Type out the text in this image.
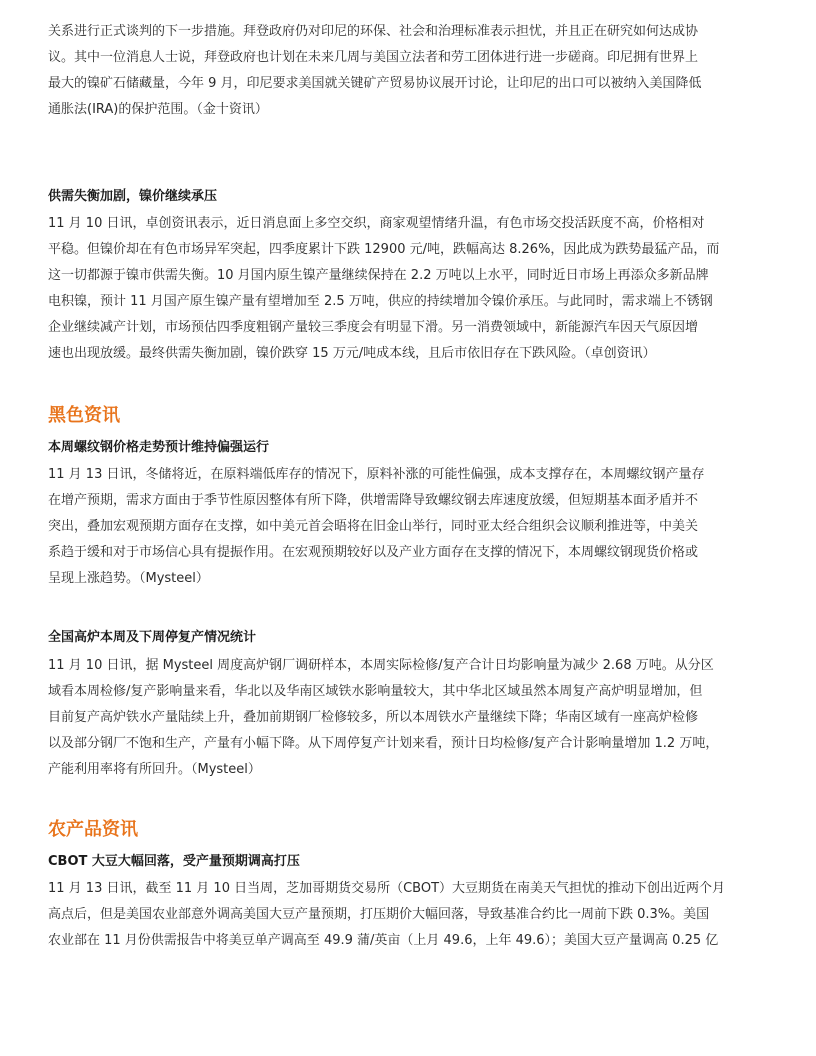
关系进行正式谈判的下一步措施。拜登政府仍对印尼的环保、社会和治理标准表示担忧，并且正在研究如何达成协
议。其中一位消息人士说，拜登政府也计划在未来几周与美国立法者和劳工团体进行进一步磋商。印尼拥有世界上
最大的镍矿石储藏量，今年 9 月，印尼要求美国就关键矿产贸易协议展开讨论，让印尼的出口可以被纳入美国降低
通胀法(IRA)的保护范围。（金十资讯）

供需失衡加剧，镍价继续承压

11 月 10 日讯，卓创资讯表示，近日消息面上多空交织，商家观望情绪升温，有色市场交投活跃度不高，价格相对
平稳。但镍价却在有色市场异军突起，四季度累计下跌 12900 元/吨，跌幅高达 8.26%，因此成为跌势最猛产品，而
这一切都源于镍市供需失衡。10 月国内原生镍产量继续保持在 2.2 万吨以上水平，同时近日市场上再添众多新品牌
电积镍，预计 11 月国产原生镍产量有望增加至 2.5 万吨，供应的持续增加令镍价承压。与此同时，需求端上不锈钢
企业继续减产计划，市场预估四季度粗钢产量较三季度会有明显下滑。另一消费领域中，新能源汽车因天气原因增
速也出现放缓。最终供需失衡加剧，镍价跌穿 15 万元/吨成本线，且后市依旧存在下跌风险。（卓创资讯）

黑色资讯
本周螺纹钢价格走势预计维持偏强运行

11 月 13 日讯，冬储将近，在原料端低库存的情况下，原料补涨的可能性偏强，成本支撑存在，本周螺纹钢产量存
在增产预期，需求方面由于季节性原因整体有所下降，供增需降导致螺纹钢去库速度放缓，但短期基本面矛盾并不
突出，叠加宏观预期方面存在支撑，如中美元首会晤将在旧金山举行，同时亚太经合组织会议顺利推进等，中美关
系趋于缓和对于市场信心具有提振作用。在宏观预期较好以及产业方面存在支撑的情况下，本周螺纹钢现货价格或
呈现上涨趋势。（Mysteel）

全国高炉本周及下周停复产情况统计

11 月 10 日讯，据 Mysteel 周度高炉钢厂调研样本，本周实际检修/复产合计日均影响量为减少 2.68 万吨。从分区
域看本周检修/复产影响量来看，华北以及华南区域铁水影响量较大，其中华北区域虽然本周复产高炉明显增加，但
目前复产高炉铁水产量陆续上升，叠加前期钢厂检修较多，所以本周铁水产量继续下降；华南区域有一座高炉检修
以及部分钢厂不饱和生产，产量有小幅下降。从下周停复产计划来看，预计日均检修/复产合计影响量增加 1.2 万吨，
产能利用率将有所回升。（Mysteel）

农产品资讯
CBOT 大豆大幅回落，受产量预期调高打压

11 月 13 日讯，截至 11 月 10 日当周，芝加哥期货交易所（CBOT）大豆期货在南美天气担忧的推动下创出近两个月
高点后，但是美国农业部意外调高美国大豆产量预期，打压期价大幅回落，导致基准合约比一周前下跌 0.3%。美国
农业部在 11 月份供需报告中将美豆单产调高至 49.9 蒲/英亩（上月 49.6，上年 49.6）；美国大豆产量调高 0.25 亿
